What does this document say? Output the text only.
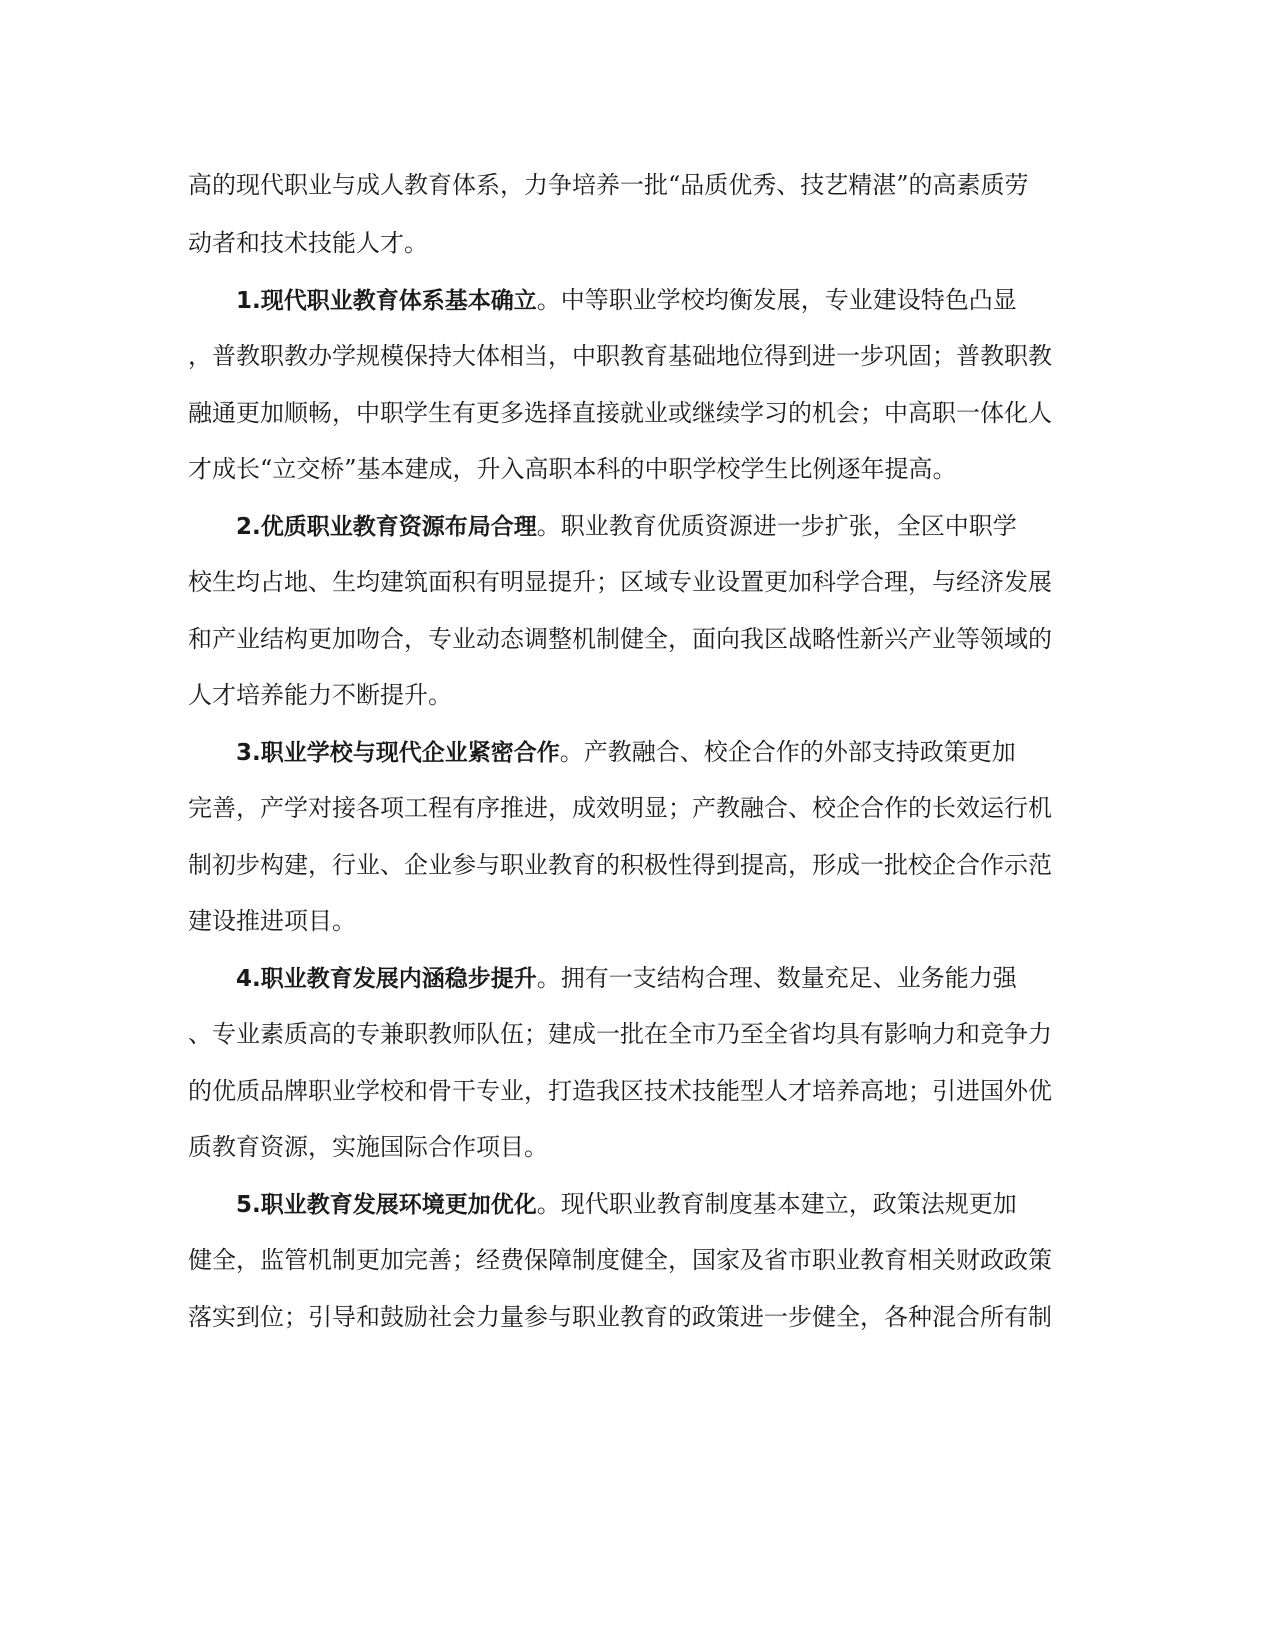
高的现代职业与成人教育体系，力争培养一批“品质优秀、技艺精湛”的高素质劳
动者和技术技能人才。
1.现代职业教育体系基本确立。中等职业学校均衡发展，专业建设特色凸显
，普教职教办学规模保持大体相当，中职教育基础地位得到进一步巩固；普教职教
融通更加顺畅，中职学生有更多选择直接就业或继续学习的机会；中高职一体化人
才成长“立交桥”基本建成，升入高职本科的中职学校学生比例逐年提高。
2.优质职业教育资源布局合理。职业教育优质资源进一步扩张，全区中职学
校生均占地、生均建筑面积有明显提升；区域专业设置更加科学合理，与经济发展
和产业结构更加吻合，专业动态调整机制健全，面向我区战略性新兴产业等领域的
人才培养能力不断提升。
3.职业学校与现代企业紧密合作。产教融合、校企合作的外部支持政策更加
完善，产学对接各项工程有序推进，成效明显；产教融合、校企合作的长效运行机
制初步构建，行业、企业参与职业教育的积极性得到提高，形成一批校企合作示范
建设推进项目。
4.职业教育发展内涵稳步提升。拥有一支结构合理、数量充足、业务能力强
、专业素质高的专兼职教师队伍；建成一批在全市乃至全省均具有影响力和竞争力
的优质品牌职业学校和骨干专业，打造我区技术技能型人才培养高地；引进国外优
质教育资源，实施国际合作项目。
5.职业教育发展环境更加优化。现代职业教育制度基本建立，政策法规更加
健全，监管机制更加完善；经费保障制度健全，国家及省市职业教育相关财政政策
落实到位；引导和鼓励社会力量参与职业教育的政策进一步健全，各种混合所有制
